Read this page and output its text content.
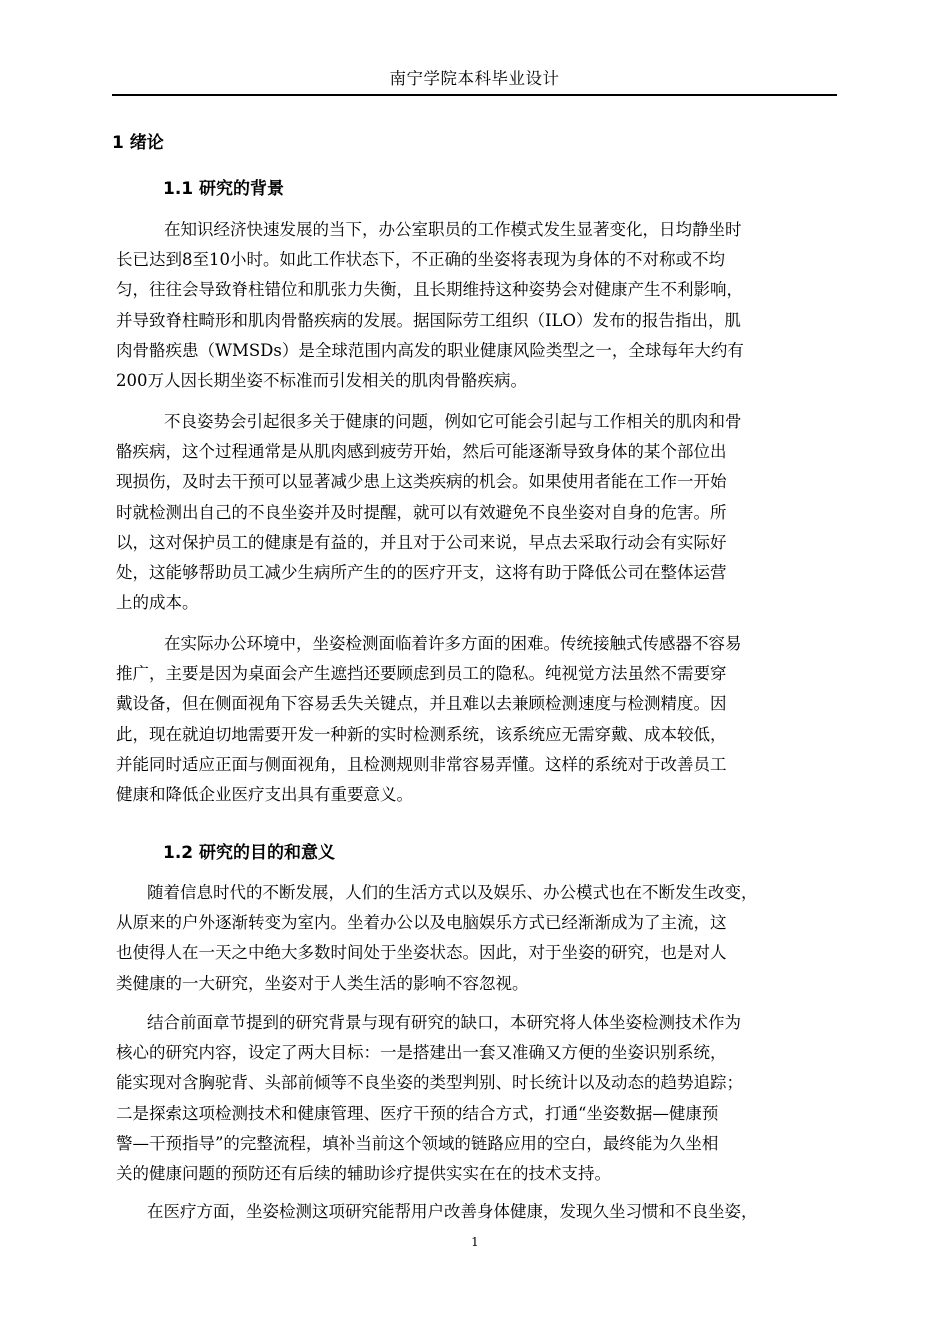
南宁学院本科毕业设计
1 绪论
1.1 研究的背景
在知识经济快速发展的当下，办公室职员的工作模式发生显著变化，日均静坐时
长已达到8至10小时。如此工作状态下，不正确的坐姿将表现为身体的不对称或不均
匀，往往会导致脊柱错位和肌张力失衡，且长期维持这种姿势会对健康产生不利影响，
并导致脊柱畸形和肌肉骨骼疾病的发展。据国际劳工组织（ILO）发布的报告指出，肌
肉骨骼疾患（WMSDs）是全球范围内高发的职业健康风险类型之一，全球每年大约有
200万人因长期坐姿不标准而引发相关的肌肉骨骼疾病。
不良姿势会引起很多关于健康的问题，例如它可能会引起与工作相关的肌肉和骨
骼疾病，这个过程通常是从肌肉感到疲劳开始，然后可能逐渐导致身体的某个部位出
现损伤，及时去干预可以显著减少患上这类疾病的机会。如果使用者能在工作一开始
时就检测出自己的不良坐姿并及时提醒，就可以有效避免不良坐姿对自身的危害。所
以，这对保护员工的健康是有益的，并且对于公司来说，早点去采取行动会有实际好
处，这能够帮助员工减少生病所产生的的医疗开支，这将有助于降低公司在整体运营
上的成本。
在实际办公环境中，坐姿检测面临着许多方面的困难。传统接触式传感器不容易
推广，主要是因为桌面会产生遮挡还要顾虑到员工的隐私。纯视觉方法虽然不需要穿
戴设备，但在侧面视角下容易丢失关键点，并且难以去兼顾检测速度与检测精度。因
此，现在就迫切地需要开发一种新的实时检测系统，该系统应无需穿戴、成本较低，
并能同时适应正面与侧面视角，且检测规则非常容易弄懂。这样的系统对于改善员工
健康和降低企业医疗支出具有重要意义。
1.2 研究的目的和意义
随着信息时代的不断发展，人们的生活方式以及娱乐、办公模式也在不断发生改变，
从原来的户外逐渐转变为室内。坐着办公以及电脑娱乐方式已经渐渐成为了主流，这
也使得人在一天之中绝大多数时间处于坐姿状态。因此，对于坐姿的研究，也是对人
类健康的一大研究，坐姿对于人类生活的影响不容忽视。
结合前面章节提到的研究背景与现有研究的缺口，本研究将人体坐姿检测技术作为
核心的研究内容，设定了两大目标：一是搭建出一套又准确又方便的坐姿识别系统，
能实现对含胸驼背、头部前倾等不良坐姿的类型判别、时长统计以及动态的趋势追踪；
二是探索这项检测技术和健康管理、医疗干预的结合方式，打通“坐姿数据—健康预
警—干预指导”的完整流程，填补当前这个领域的链路应用的空白，最终能为久坐相
关的健康问题的预防还有后续的辅助诊疗提供实实在在的技术支持。
在医疗方面，坐姿检测这项研究能帮用户改善身体健康，发现久坐习惯和不良坐姿，
1
